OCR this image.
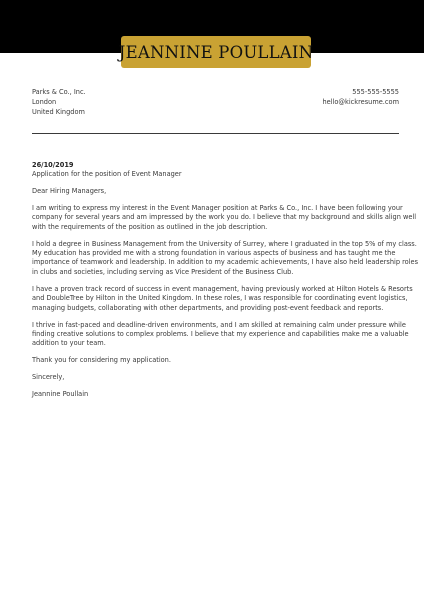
JEANNINE POULLAIN
Parks & Co., Inc.
London
United Kingdom
555-555-5555
hello@kickresume.com
26/10/2019
Application for the position of Event Manager

Dear Hiring Managers,

I am writing to express my interest in the Event Manager position at Parks & Co., Inc. I have been following your
company for several years and am impressed by the work you do. I believe that my background and skills align well
with the requirements of the position as outlined in the job description.

I hold a degree in Business Management from the University of Surrey, where I graduated in the top 5% of my class.
My education has provided me with a strong foundation in various aspects of business and has taught me the
importance of teamwork and leadership. In addition to my academic achievements, I have also held leadership roles
in clubs and societies, including serving as Vice President of the Business Club.

I have a proven track record of success in event management, having previously worked at Hilton Hotels & Resorts
and DoubleTree by Hilton in the United Kingdom. In these roles, I was responsible for coordinating event logistics,
managing budgets, collaborating with other departments, and providing post-event feedback and reports.

I thrive in fast-paced and deadline-driven environments, and I am skilled at remaining calm under pressure while
finding creative solutions to complex problems. I believe that my experience and capabilities make me a valuable
addition to your team.

Thank you for considering my application.

Sincerely,

Jeannine Poullain
